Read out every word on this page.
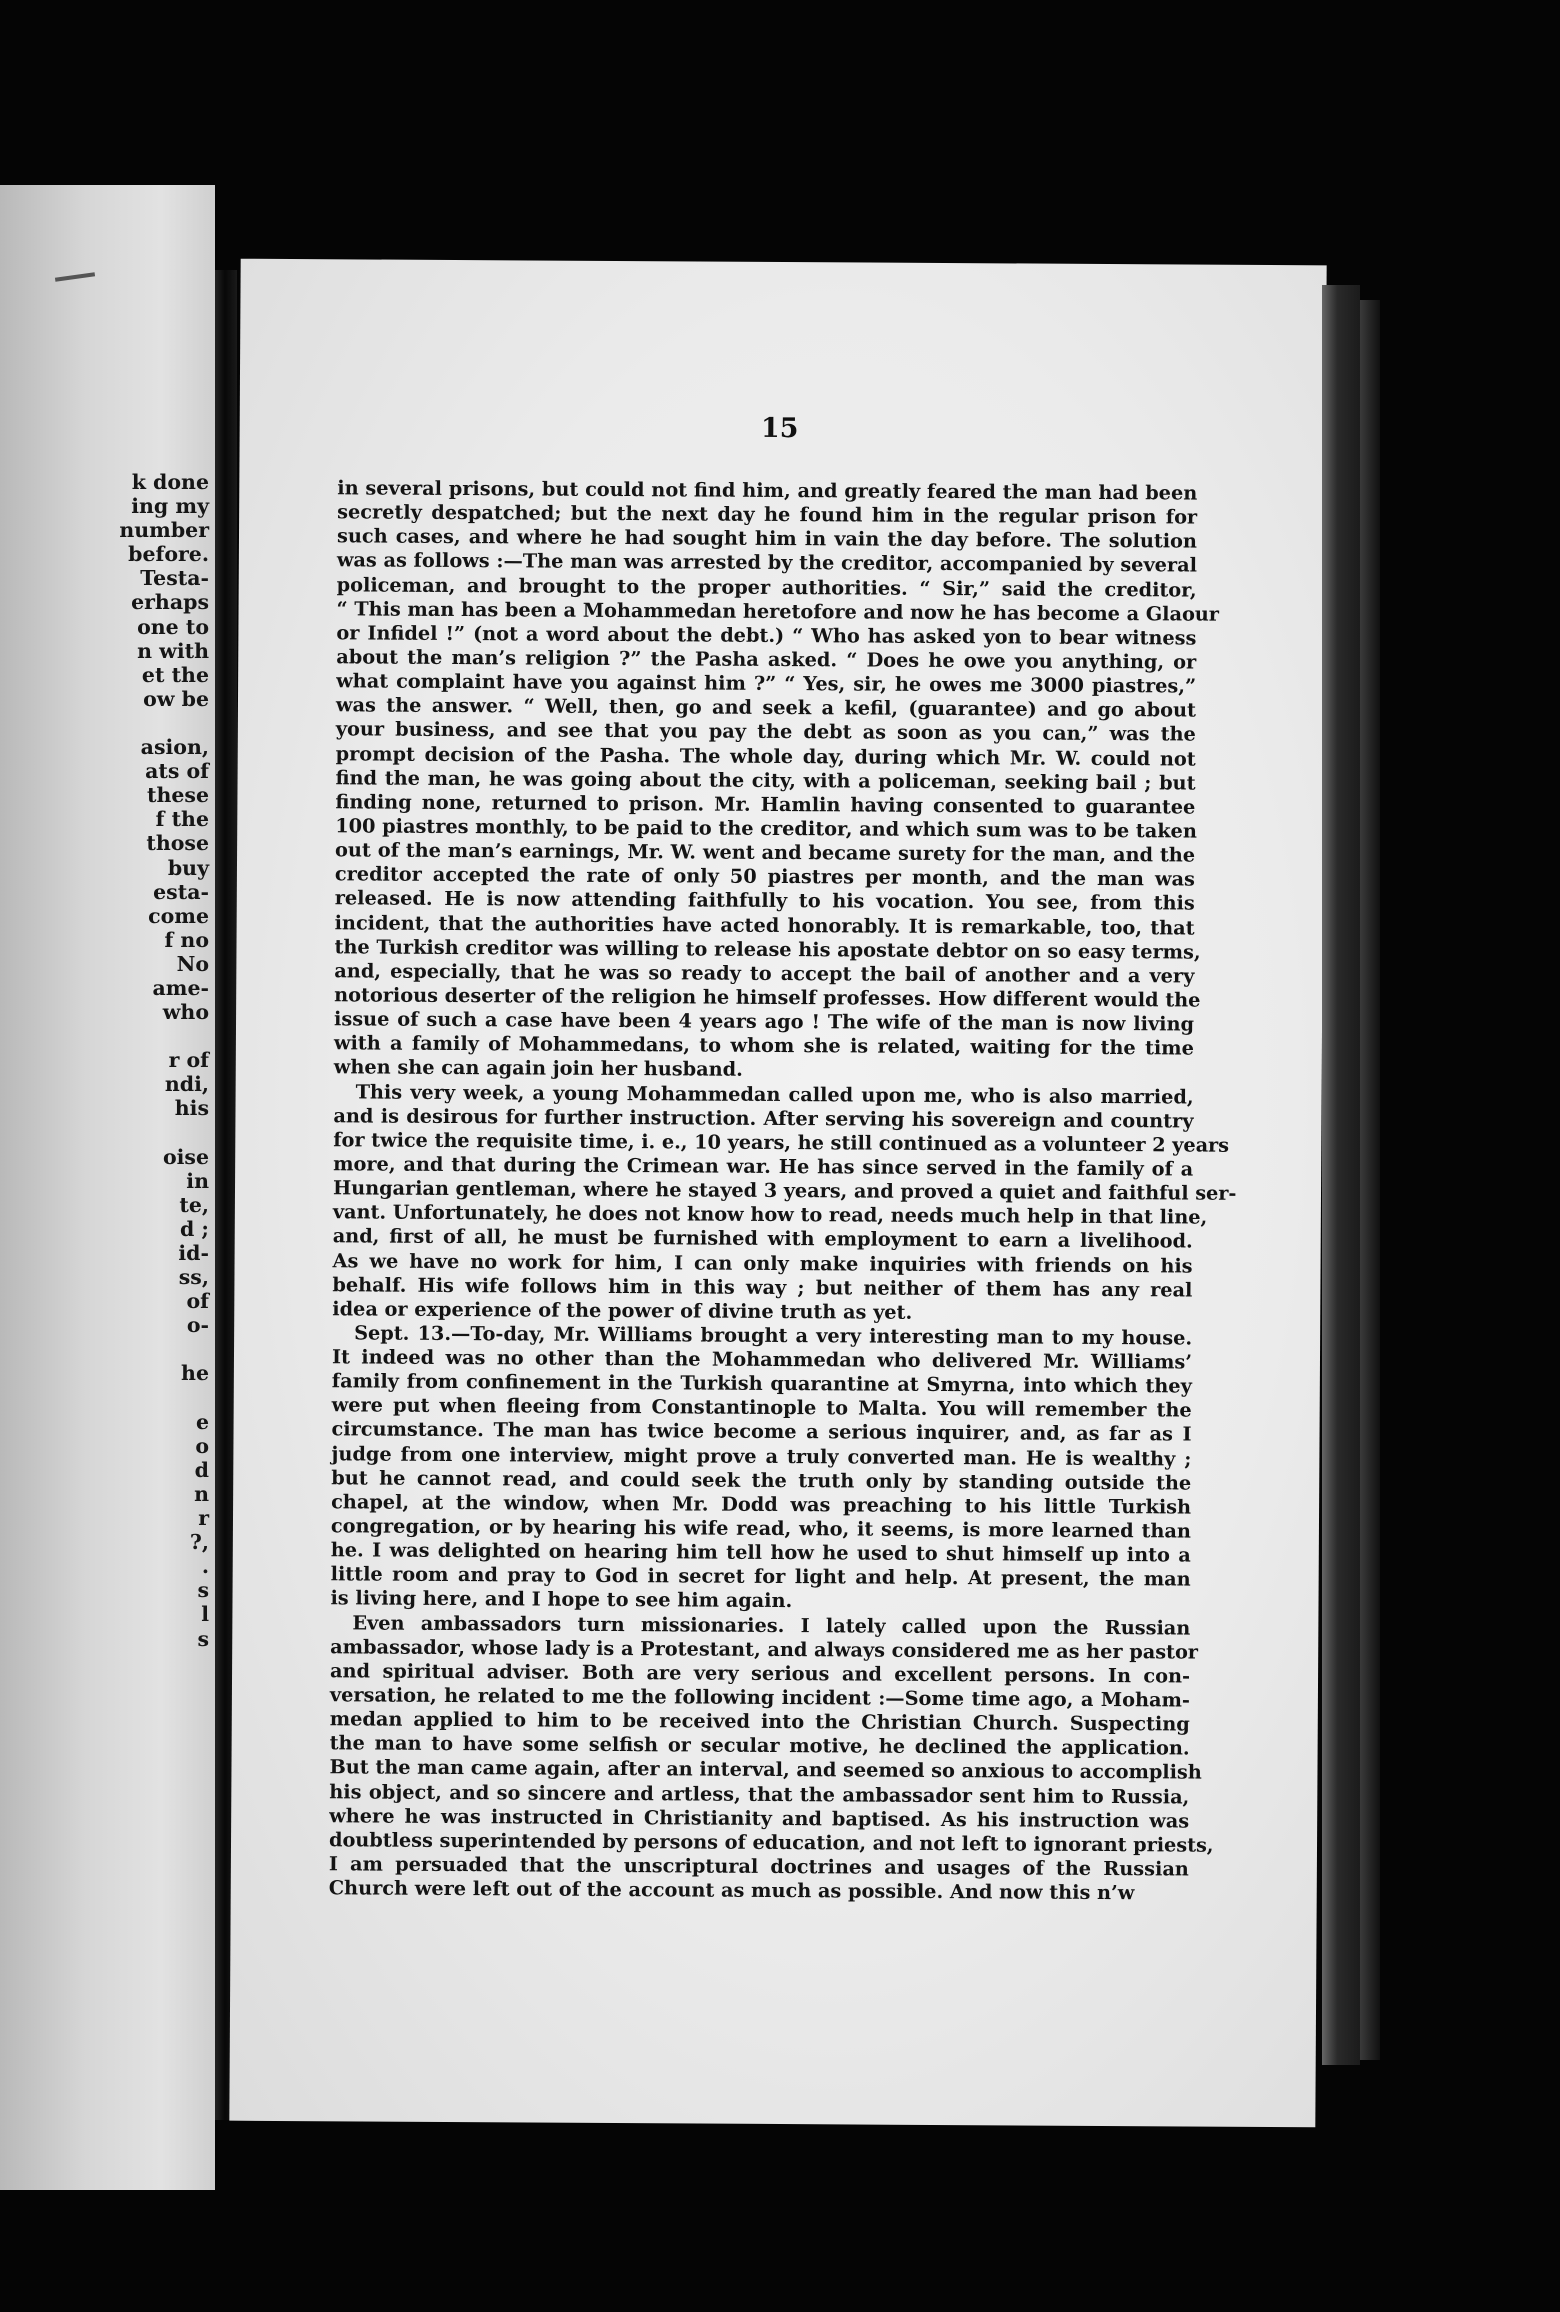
k done
ing my
number
before.
Testa-
erhaps
one to
n with
et the
ow be
asion,
ats of
these
f the
those
buy
esta-
come
f no
No
ame-
who
r of
ndi,
his
oise
in
te,
d ;
id-
ss,
of
o-
he
e
o
d
n
r
?,
.
s
l
s
15
in several prisons, but could not find him, and greatly feared the man had been
secretly despatched; but the next day he found him in the regular prison for
such cases, and where he had sought him in vain the day before. The solution
was as follows :—The man was arrested by the creditor, accompanied by several
policeman, and brought to the proper authorities. “ Sir,” said the creditor,
“ This man has been a Mohammedan heretofore and now he has become a Glaour
or Infidel !” (not a word about the debt.) “ Who has asked yon to bear witness
about the man’s religion ?” the Pasha asked. “ Does he owe you anything, or
what complaint have you against him ?” “ Yes, sir, he owes me 3000 piastres,”
was the answer. “ Well, then, go and seek a kefil, (guarantee) and go about
your business, and see that you pay the debt as soon as you can,” was the
prompt decision of the Pasha. The whole day, during which Mr. W. could not
find the man, he was going about the city, with a policeman, seeking bail ; but
finding none, returned to prison. Mr. Hamlin having consented to guarantee
100 piastres monthly, to be paid to the creditor, and which sum was to be taken
out of the man’s earnings, Mr. W. went and became surety for the man, and the
creditor accepted the rate of only 50 piastres per month, and the man was
released. He is now attending faithfully to his vocation. You see, from this
incident, that the authorities have acted honorably. It is remarkable, too, that
the Turkish creditor was willing to release his apostate debtor on so easy terms,
and, especially, that he was so ready to accept the bail of another and a very
notorious deserter of the religion he himself professes. How different would the
issue of such a case have been 4 years ago ! The wife of the man is now living
with a family of Mohammedans, to whom she is related, waiting for the time
when she can again join her husband.
This very week, a young Mohammedan called upon me, who is also married,
and is desirous for further instruction. After serving his sovereign and country
for twice the requisite time, i. e., 10 years, he still continued as a volunteer 2 years
more, and that during the Crimean war. He has since served in the family of a
Hungarian gentleman, where he stayed 3 years, and proved a quiet and faithful ser-
vant. Unfortunately, he does not know how to read, needs much help in that line,
and, first of all, he must be furnished with employment to earn a livelihood.
As we have no work for him, I can only make inquiries with friends on his
behalf. His wife follows him in this way ; but neither of them has any real
idea or experience of the power of divine truth as yet.
Sept. 13.—To-day, Mr. Williams brought a very interesting man to my house.
It indeed was no other than the Mohammedan who delivered Mr. Williams’
family from confinement in the Turkish quarantine at Smyrna, into which they
were put when fleeing from Constantinople to Malta. You will remember the
circumstance. The man has twice become a serious inquirer, and, as far as I
judge from one interview, might prove a truly converted man. He is wealthy ;
but he cannot read, and could seek the truth only by standing outside the
chapel, at the window, when Mr. Dodd was preaching to his little Turkish
congregation, or by hearing his wife read, who, it seems, is more learned than
he. I was delighted on hearing him tell how he used to shut himself up into a
little room and pray to God in secret for light and help. At present, the man
is living here, and I hope to see him again.
Even ambassadors turn missionaries. I lately called upon the Russian
ambassador, whose lady is a Protestant, and always considered me as her pastor
and spiritual adviser. Both are very serious and excellent persons. In con-
versation, he related to me the following incident :—Some time ago, a Moham-
medan applied to him to be received into the Christian Church. Suspecting
the man to have some selfish or secular motive, he declined the application.
But the man came again, after an interval, and seemed so anxious to accomplish
his object, and so sincere and artless, that the ambassador sent him to Russia,
where he was instructed in Christianity and baptised. As his instruction was
doubtless superintended by persons of education, and not left to ignorant priests,
I am persuaded that the unscriptural doctrines and usages of the Russian
Church were left out of the account as much as possible. And now this n’w
